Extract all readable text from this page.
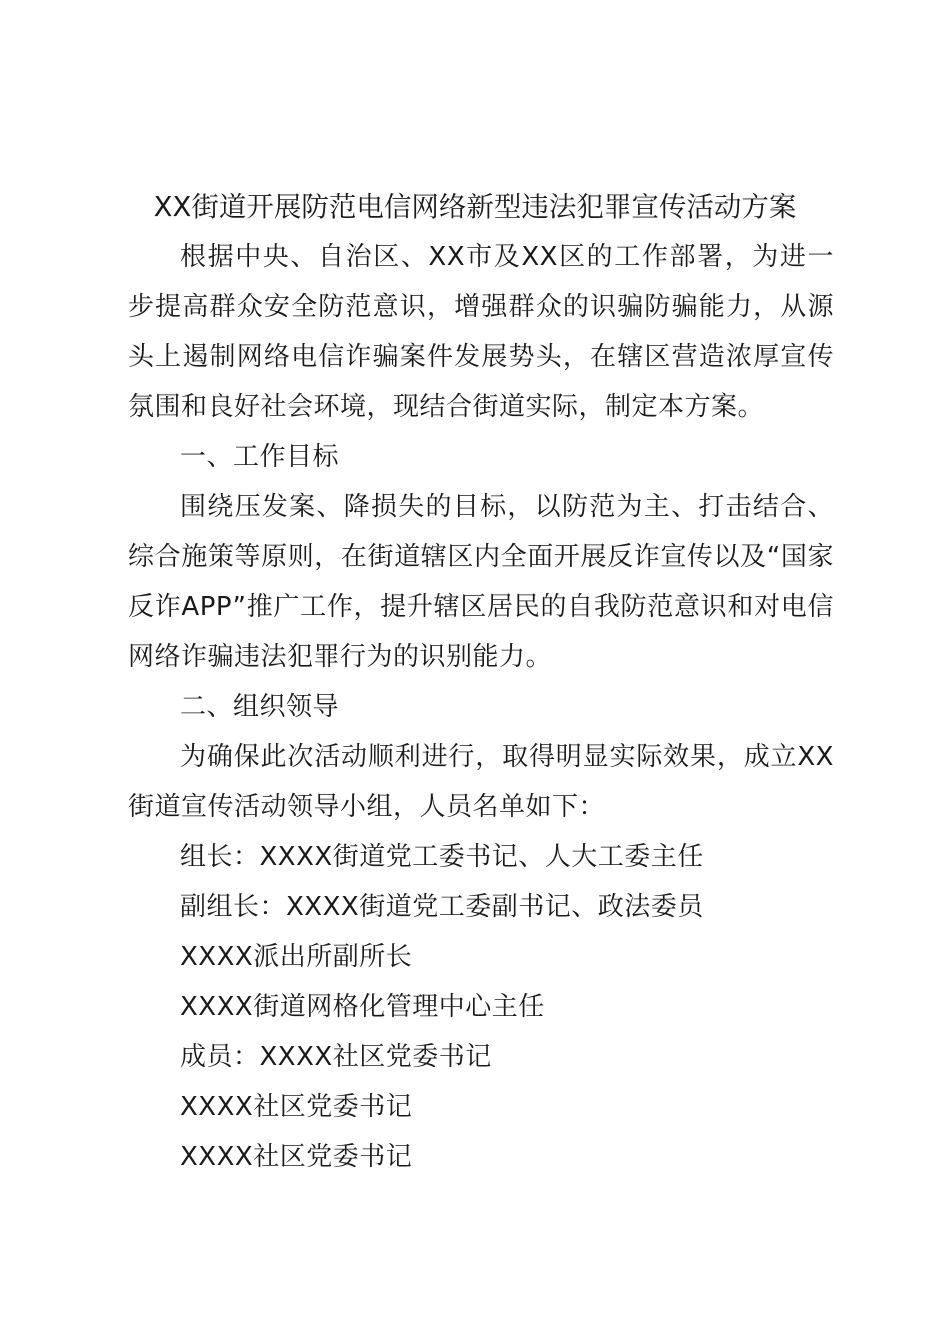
XX街道开展防范电信网络新型违法犯罪宣传活动方案

根据中央、自治区、XX市及XX区的工作部署，为进一步提高群众安全防范意识，增强群众的识骗防骗能力，从源头上遏制网络电信诈骗案件发展势头，在辖区营造浓厚宣传氛围和良好社会环境，现结合街道实际，制定本方案。

一、工作目标

围绕压发案、降损失的目标，以防范为主、打击结合、综合施策等原则，在街道辖区内全面开展反诈宣传以及“国家反诈APP”推广工作，提升辖区居民的自我防范意识和对电信网络诈骗违法犯罪行为的识别能力。

二、组织领导

为确保此次活动顺利进行，取得明显实际效果，成立XX街道宣传活动领导小组，人员名单如下：

组长：XXXX街道党工委书记、人大工委主任

副组长：XXXX街道党工委副书记、政法委员

XXXX派出所副所长

XXXX街道网格化管理中心主任

成员：XXXX社区党委书记

XXXX社区党委书记

XXXX社区党委书记
